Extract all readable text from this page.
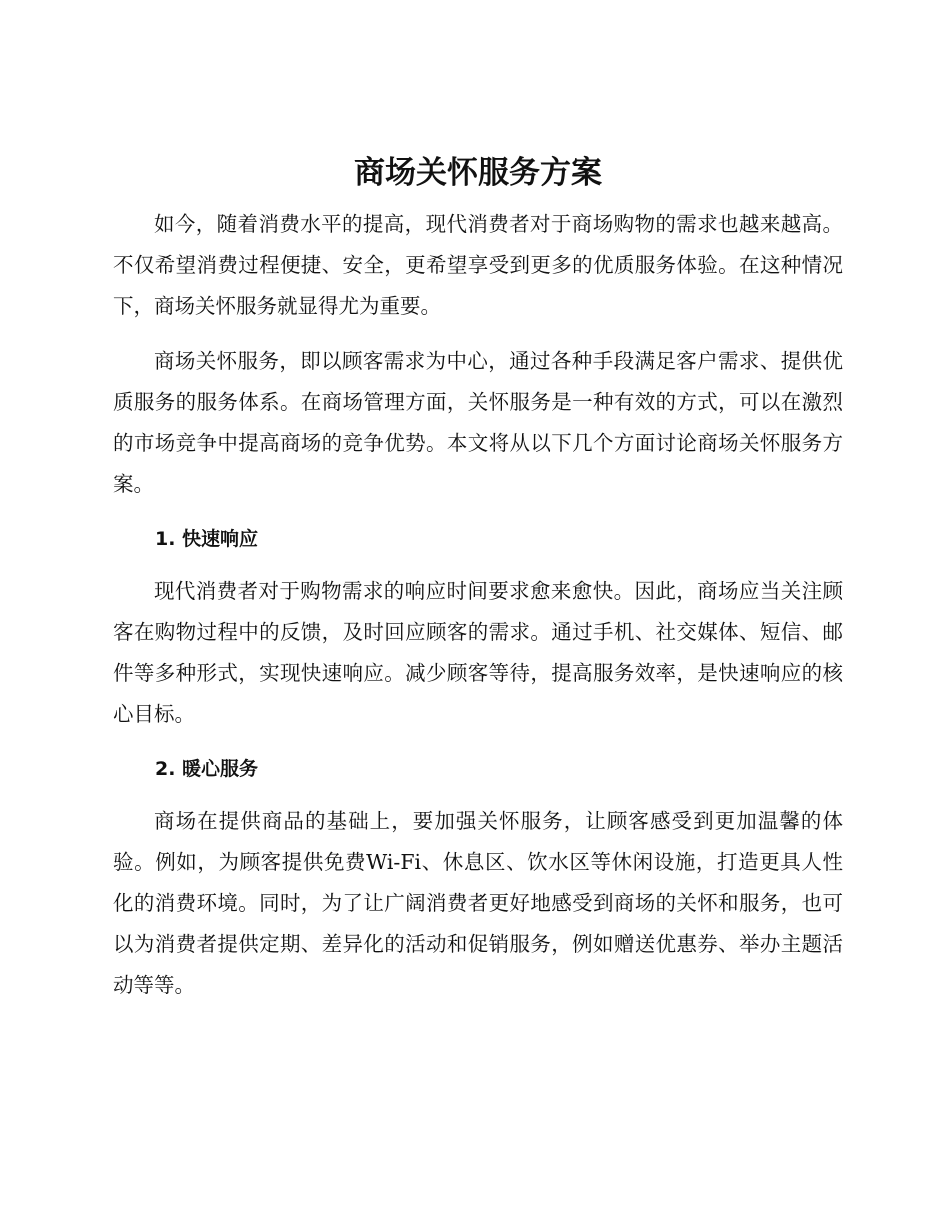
商场关怀服务方案

如今，随着消费水平的提高，现代消费者对于商场购物的需求也越来越高。不仅希望消费过程便捷、安全，更希望享受到更多的优质服务体验。在这种情况下，商场关怀服务就显得尤为重要。

商场关怀服务，即以顾客需求为中心，通过各种手段满足客户需求、提供优质服务的服务体系。在商场管理方面，关怀服务是一种有效的方式，可以在激烈的市场竞争中提高商场的竞争优势。本文将从以下几个方面讨论商场关怀服务方案。

1. 快速响应

现代消费者对于购物需求的响应时间要求愈来愈快。因此，商场应当关注顾客在购物过程中的反馈，及时回应顾客的需求。通过手机、社交媒体、短信、邮件等多种形式，实现快速响应。减少顾客等待，提高服务效率，是快速响应的核心目标。

2. 暖心服务

商场在提供商品的基础上，要加强关怀服务，让顾客感受到更加温馨的体验。例如，为顾客提供免费Wi-Fi、休息区、饮水区等休闲设施，打造更具人性化的消费环境。同时，为了让广阔消费者更好地感受到商场的关怀和服务，也可以为消费者提供定期、差异化的活动和促销服务，例如赠送优惠券、举办主题活动等等。
